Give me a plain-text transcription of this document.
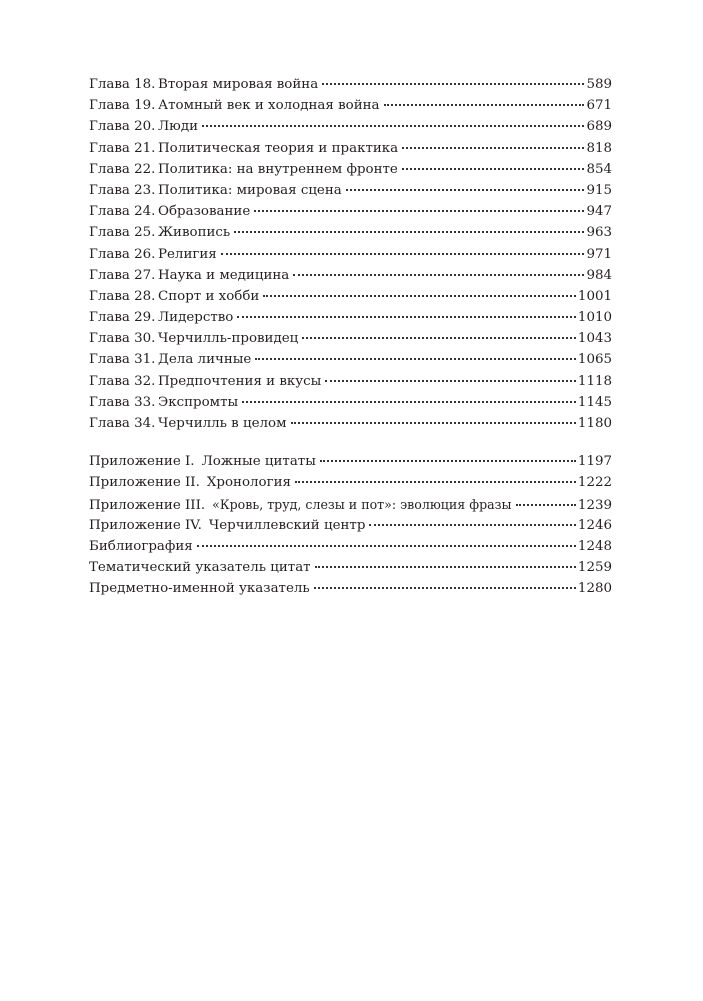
Глава 18. Вторая мировая война	589
Глава 19. Атомный век и холодная война	671
Глава 20. Люди	689
Глава 21. Политическая теория и практика	818
Глава 22. Политика: на внутреннем фронте	854
Глава 23. Политика: мировая сцена	915
Глава 24. Образование	947
Глава 25. Живопись	963
Глава 26. Религия	971
Глава 27. Наука и медицина	984
Глава 28. Спорт и хобби	1001
Глава 29. Лидерство	1010
Глава 30. Черчилль-провидец	1043
Глава 31. Дела личные	1065
Глава 32. Предпочтения и вкусы	1118
Глава 33. Экспромты	1145
Глава 34. Черчилль в целом	1180
Приложение I. Ложные цитаты	1197
Приложение II. Хронология	1222
Приложение III. «Кровь, труд, слезы и пот»: эволюция фразы	1239
Приложение IV. Черчиллевский центр	1246
Библиография	1248
Тематический указатель цитат	1259
Предметно-именной указатель	1280
